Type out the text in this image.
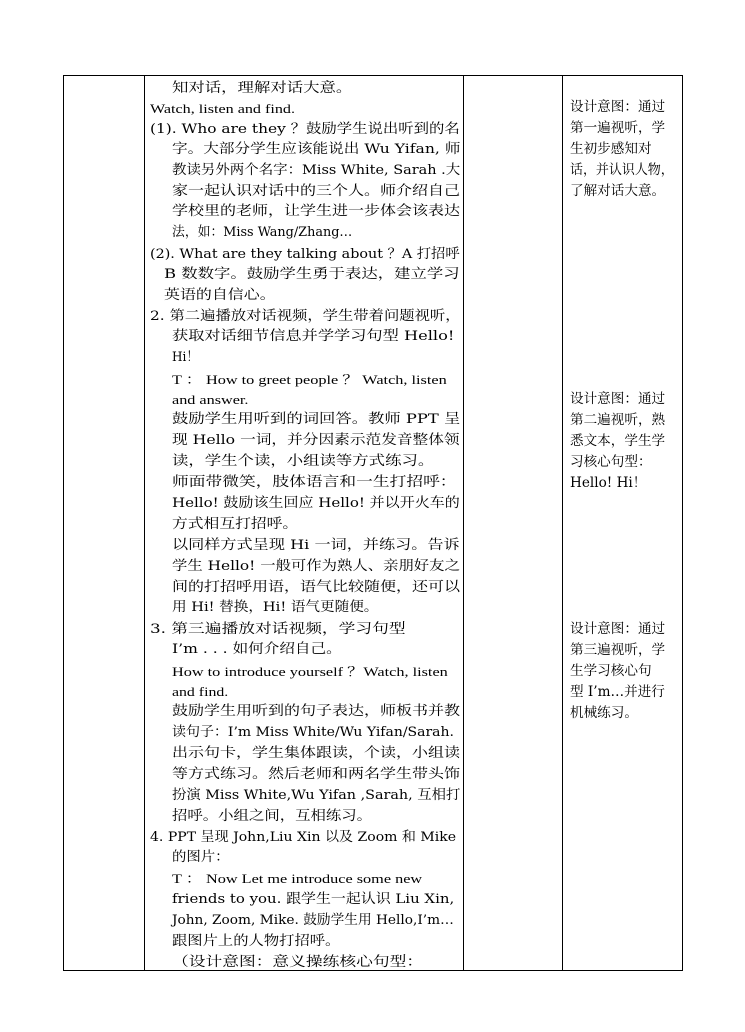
知对话，理解对话大意。
Watch, listen and find.
(1). Who are they ？鼓励学生说出听到的名
字。大部分学生应该能说出 Wu Yifan, 师
教读另外两个名字：Miss White, Sarah .大
家一起认识对话中的三个人。师介绍自己
学校里的老师，让学生进一步体会该表达
法，如：Miss Wang/Zhang…
(2). What are they talking about ？A 打招呼
B 数数字。鼓励学生勇于表达，建立学习
英语的自信心。
2. 第二遍播放对话视频，学生带着问题视听，
获取对话细节信息并学学习句型 Hello!
Hi！
T ： How to greet people ？ Watch, listen
and answer.
鼓励学生用听到的词回答。教师 PPT 呈
现 Hello 一词，并分因素示范发音整体领
读，学生个读，小组读等方式练习。
师面带微笑，肢体语言和一生打招呼：
Hello! 鼓励该生回应 Hello! 并以开火车的
方式相互打招呼。
以同样方式呈现 Hi 一词，并练习。告诉
学生 Hello! 一般可作为熟人、亲朋好友之
间的打招呼用语，语气比较随便，还可以
用 Hi! 替换，Hi! 语气更随便。
3. 第三遍播放对话视频，学习句型
I’m . . . 如何介绍自己。
How to introduce yourself ？Watch, listen
and find.
鼓励学生用听到的句子表达，师板书并教
读句子：I’m Miss White/Wu Yifan/Sarah.
出示句卡，学生集体跟读，个读，小组读
等方式练习。然后老师和两名学生带头饰
扮演 Miss White,Wu Yifan ,Sarah, 互相打
招呼。小组之间，互相练习。
4. PPT 呈现 John,Liu Xin 以及 Zoom 和 Mike
的图片：
T ： Now Let me introduce some new
friends to you. 跟学生一起认识 Liu Xin,
John, Zoom, Mike. 鼓励学生用 Hello,I’m…
跟图片上的人物打招呼。
（设计意图：意义操练核心句型：
设计意图：通过
第一遍视听，学
生初步感知对
话，并认识人物，
了解对话大意。
设计意图：通过
第二遍视听，熟
悉文本，学生学
习核心句型：
Hello! Hi！
设计意图：通过
第三遍视听，学
生学习核心句
型 I’m…并进行
机械练习。
